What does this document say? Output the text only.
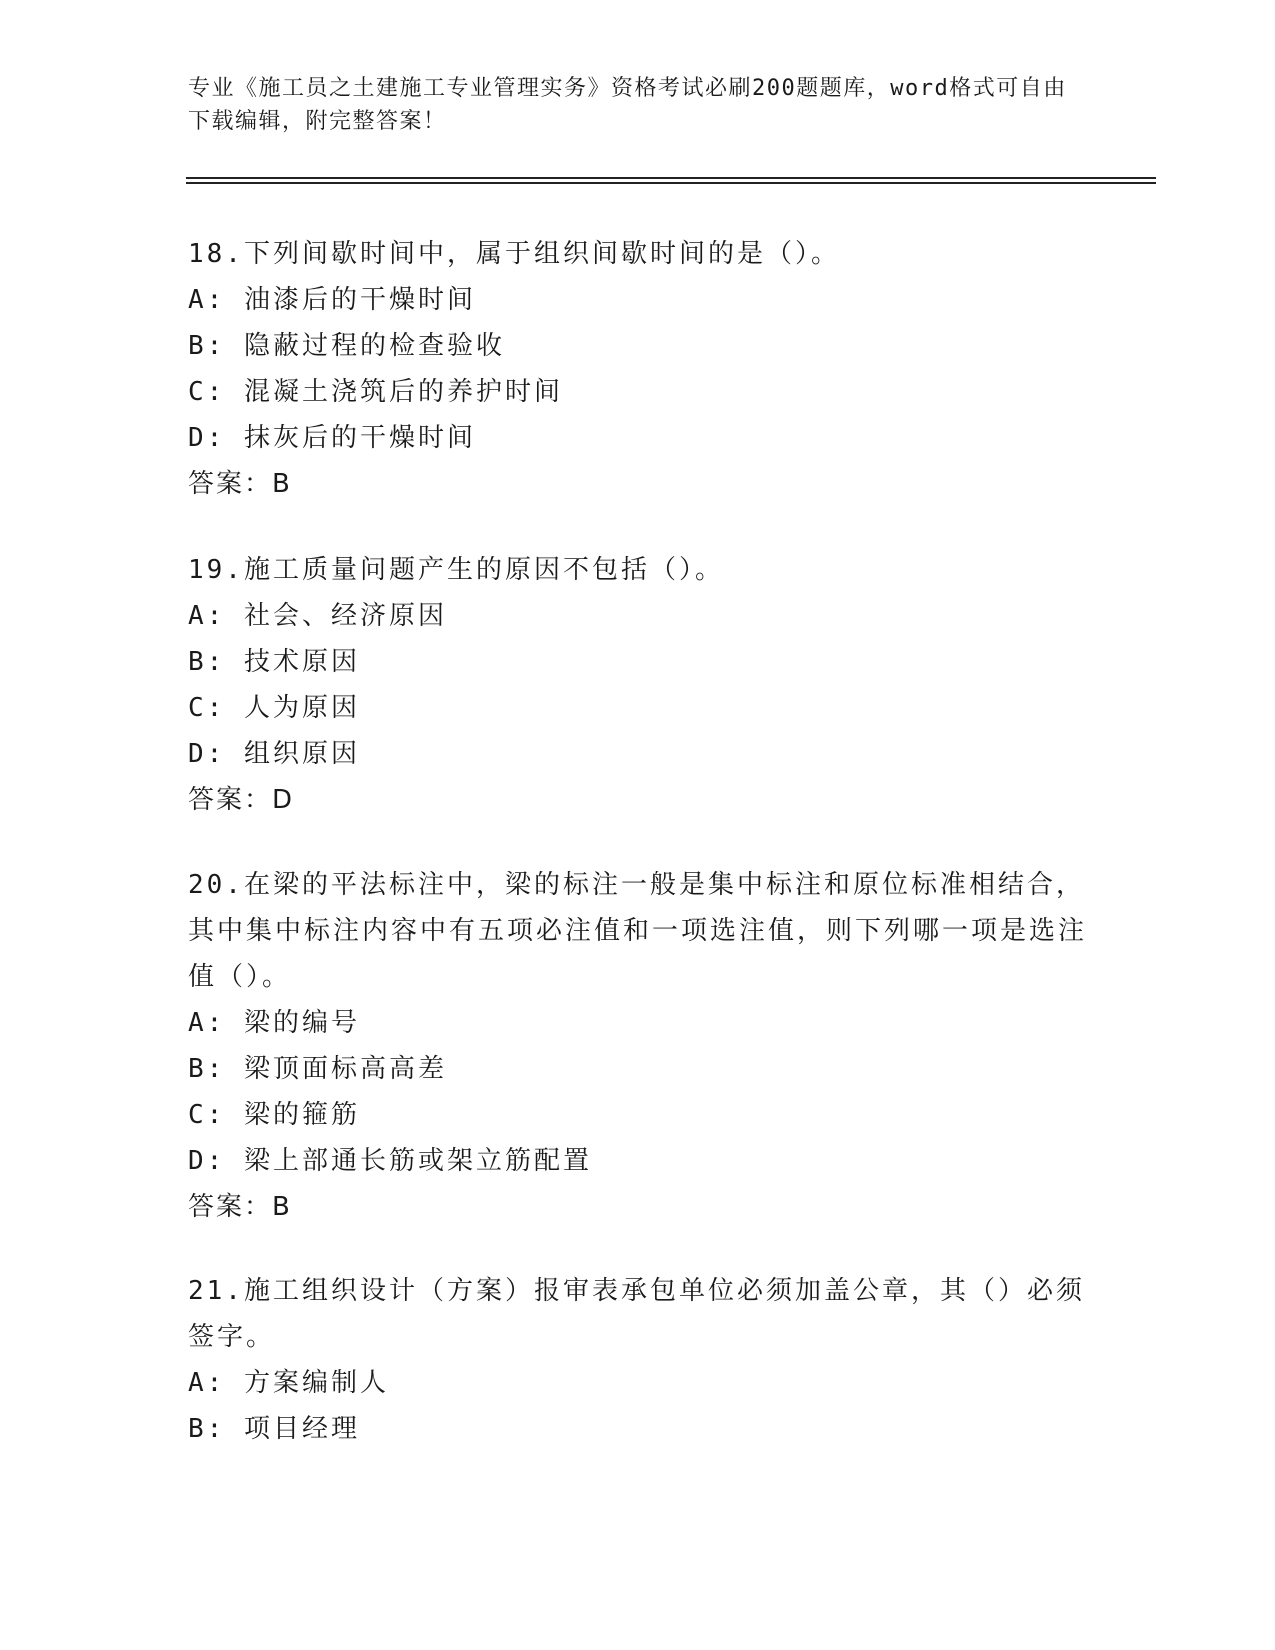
专业《施工员之土建施工专业管理实务》资格考试必刷200题题库，word格式可自由下载编辑，附完整答案！
18.下列间歇时间中，属于组织间歇时间的是（）。
A: 油漆后的干燥时间
B: 隐蔽过程的检查验收
C: 混凝土浇筑后的养护时间
D: 抹灰后的干燥时间
答案：B
19.施工质量问题产生的原因不包括（）。
A: 社会、经济原因
B: 技术原因
C: 人为原因
D: 组织原因
答案：D
20.在梁的平法标注中，梁的标注一般是集中标注和原位标准相结合，其中集中标注内容中有五项必注值和一项选注值，则下列哪一项是选注值（）。
A: 梁的编号
B: 梁顶面标高高差
C: 梁的箍筋
D: 梁上部通长筋或架立筋配置
答案：B
21.施工组织设计（方案）报审表承包单位必须加盖公章，其（）必须签字。
A: 方案编制人
B: 项目经理
